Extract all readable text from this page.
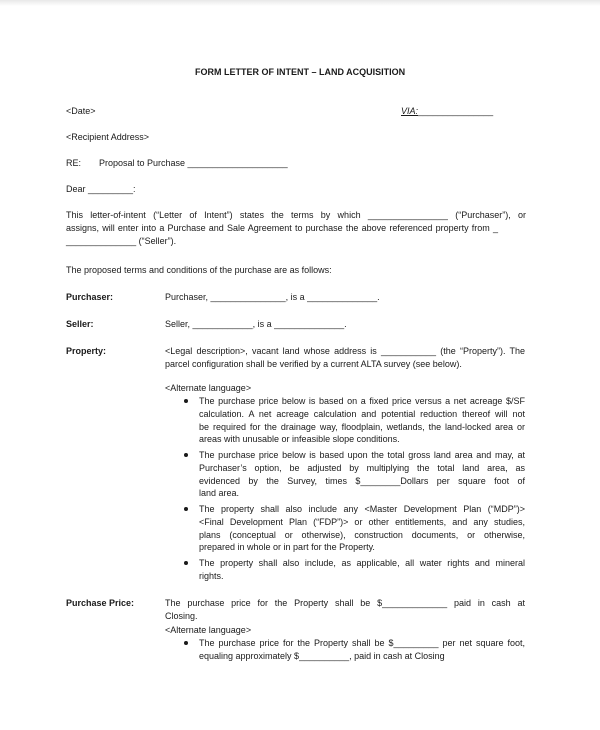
FORM LETTER OF INTENT – LAND ACQUISITION
<Date>	VIA:_______________
<Recipient Address>
RE: Proposal to Purchase ____________________
Dear _________:

This letter-of-intent (“Letter of Intent”) states the terms by which ________________ (“Purchaser”), or

assigns, will enter into a Purchase and Sale Agreement to purchase the above referenced property from _

______________ (“Seller”).

The proposed terms and conditions of the purchase are as follows:
Purchaser:	Purchaser, _______________, is a ______________.
Seller:	Seller, ____________, is a ______________.
Property:	<Legal description>, vacant land whose address is ___________ (the “Property”). The

parcel configuration shall be verified by a current ALTA survey (see below).

<Alternate language>

The purchase price below is based on a fixed price versus a net acreage $/SF

calculation. A net acreage calculation and potential reduction thereof will not

be required for the drainage way, floodplain, wetlands, the land-locked area or

areas with unusable or infeasible slope conditions.

The purchase price below is based upon the total gross land area and may, at

Purchaser’s option, be adjusted by multiplying the total land area, as

evidenced by the Survey, times $________Dollars per square foot of

land area.

The property shall also include any <Master Development Plan (“MDP”)>

<Final Development Plan (“FDP”)> or other entitlements, and any studies,

plans (conceptual or otherwise), construction documents, or otherwise,

prepared in whole or in part for the Property.

The property shall also include, as applicable, all water rights and mineral

rights.

Purchase Price:	The purchase price for the Property shall be $_____________ paid in cash at

Closing.

<Alternate language>

The purchase price for the Property shall be $_________ per net square foot,

equaling approximately $__________, paid in cash at Closing
